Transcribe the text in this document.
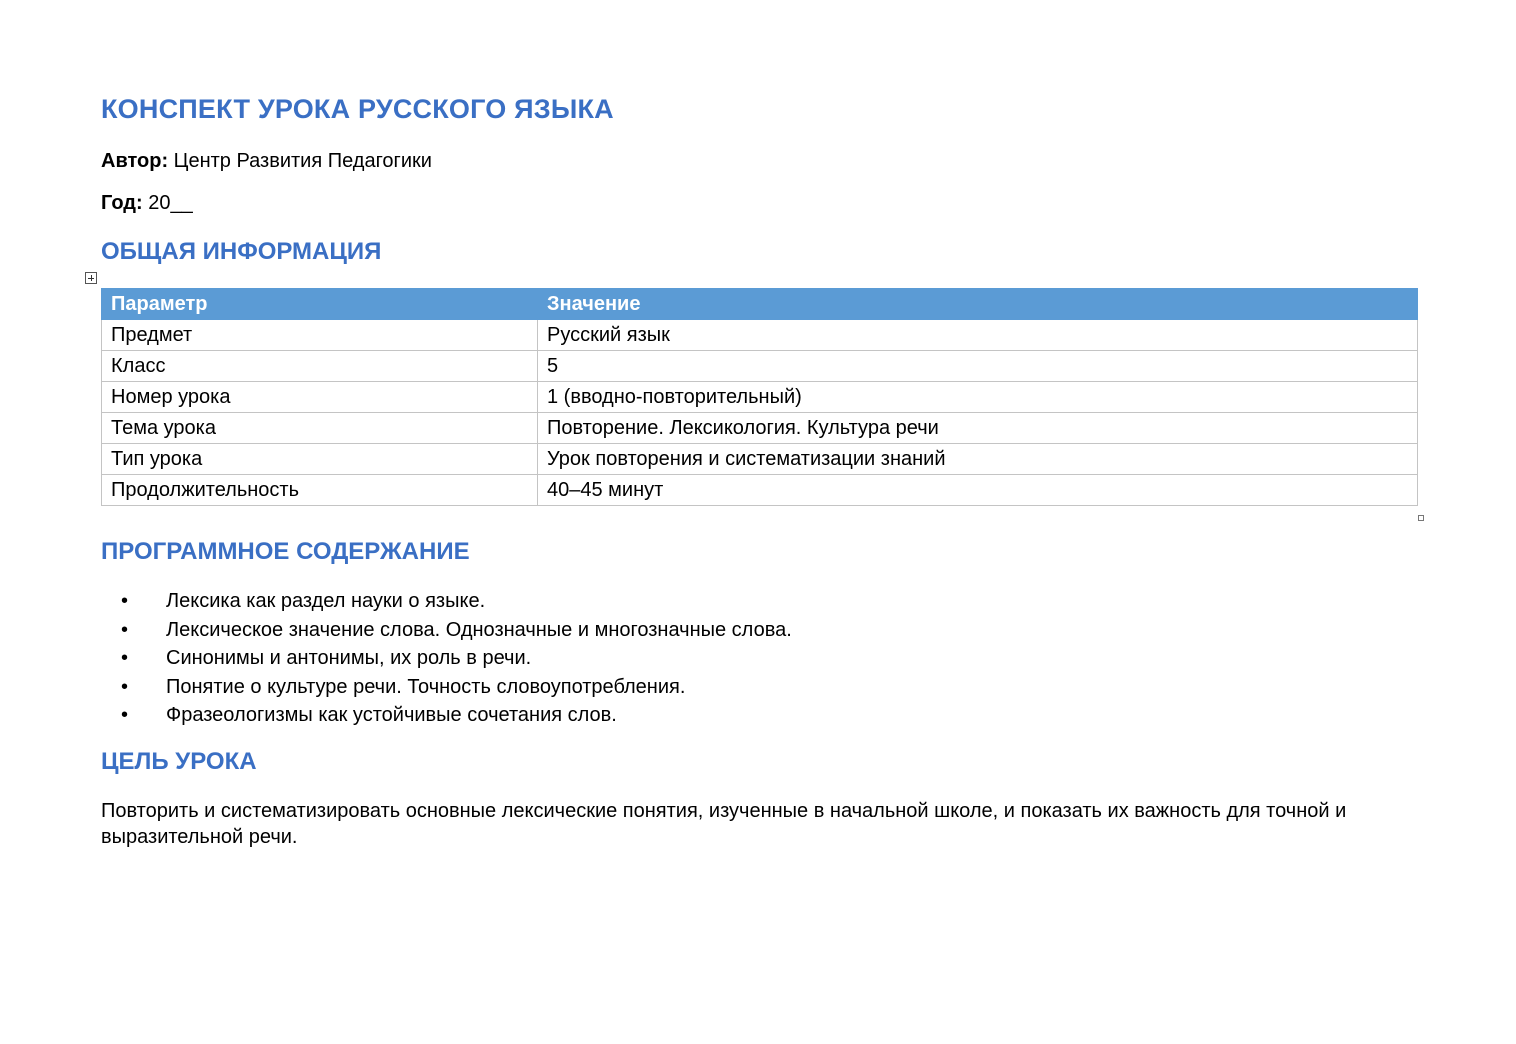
КОНСПЕКТ УРОКА РУССКОГО ЯЗЫКА
Автор: Центр Развития Педагогики
Год: 20__
ОБЩАЯ ИНФОРМАЦИЯ
Параметр	Значение
Предмет	Русский язык
Класс	5
Номер урока	1 (вводно-повторительный)
Тема урока	Повторение. Лексикология. Культура речи
Тип урока	Урок повторения и систематизации знаний
Продолжительность	40–45 минут
ПРОГРАММНОЕ СОДЕРЖАНИЕ
• Лексика как раздел науки о языке.
• Лексическое значение слова. Однозначные и многозначные слова.
• Синонимы и антонимы, их роль в речи.
• Понятие о культуре речи. Точность словоупотребления.
• Фразеологизмы как устойчивые сочетания слов.
ЦЕЛЬ УРОКА
Повторить и систематизировать основные лексические понятия, изученные в начальной школе, и показать их важность для точной и выразительной речи.
